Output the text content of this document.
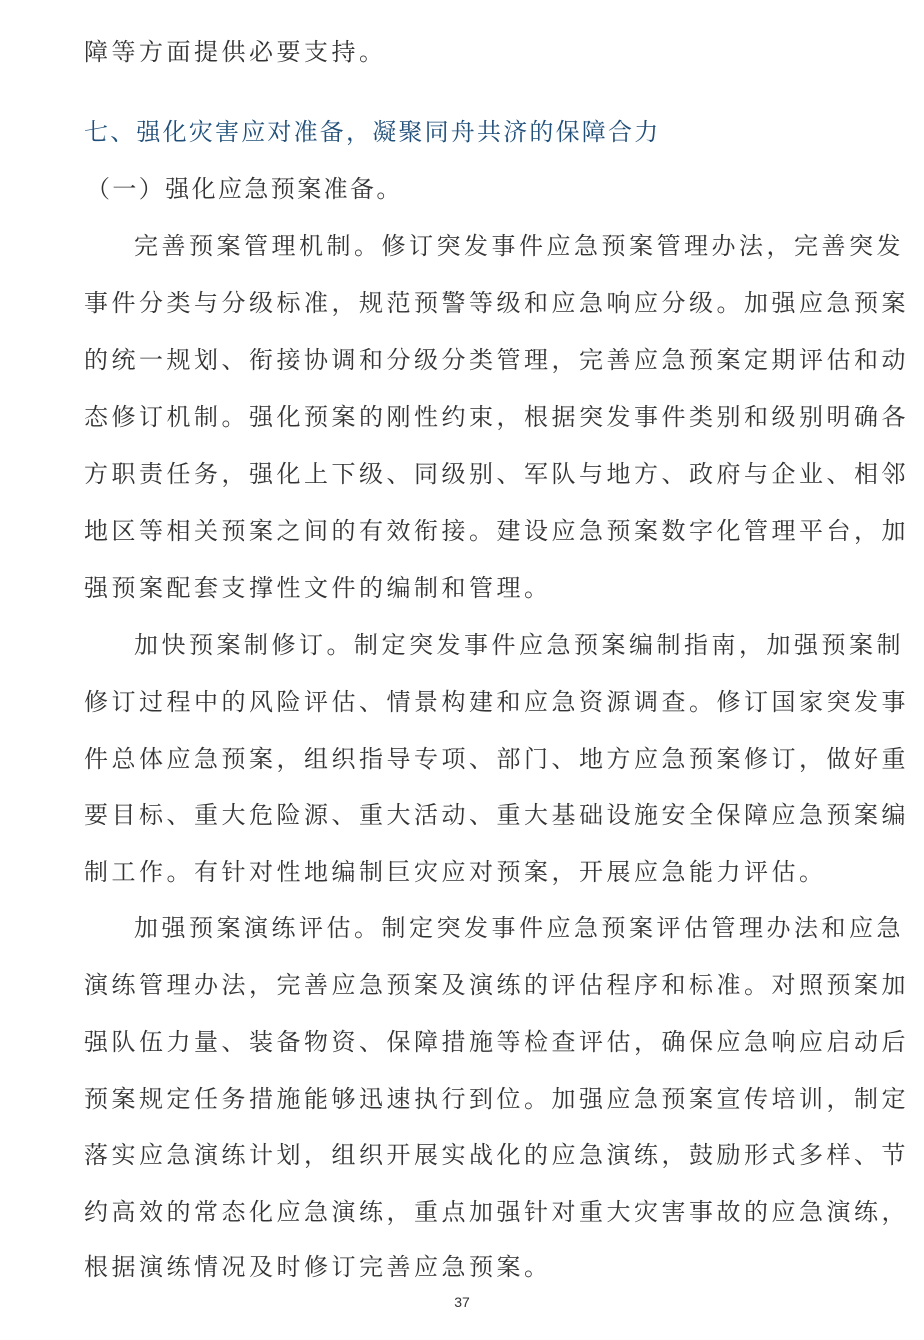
障等方面提供必要支持。
七、强化灾害应对准备，凝聚同舟共济的保障合力
（一）强化应急预案准备。
完善预案管理机制。修订突发事件应急预案管理办法，完善突发
事件分类与分级标准，规范预警等级和应急响应分级。加强应急预案
的统一规划、衔接协调和分级分类管理，完善应急预案定期评估和动
态修订机制。强化预案的刚性约束，根据突发事件类别和级别明确各
方职责任务，强化上下级、同级别、军队与地方、政府与企业、相邻
地区等相关预案之间的有效衔接。建设应急预案数字化管理平台，加
强预案配套支撑性文件的编制和管理。
加快预案制修订。制定突发事件应急预案编制指南，加强预案制
修订过程中的风险评估、情景构建和应急资源调查。修订国家突发事
件总体应急预案，组织指导专项、部门、地方应急预案修订，做好重
要目标、重大危险源、重大活动、重大基础设施安全保障应急预案编
制工作。有针对性地编制巨灾应对预案，开展应急能力评估。
加强预案演练评估。制定突发事件应急预案评估管理办法和应急
演练管理办法，完善应急预案及演练的评估程序和标准。对照预案加
强队伍力量、装备物资、保障措施等检查评估，确保应急响应启动后
预案规定任务措施能够迅速执行到位。加强应急预案宣传培训，制定
落实应急演练计划，组织开展实战化的应急演练，鼓励形式多样、节
约高效的常态化应急演练，重点加强针对重大灾害事故的应急演练，
根据演练情况及时修订完善应急预案。
37
